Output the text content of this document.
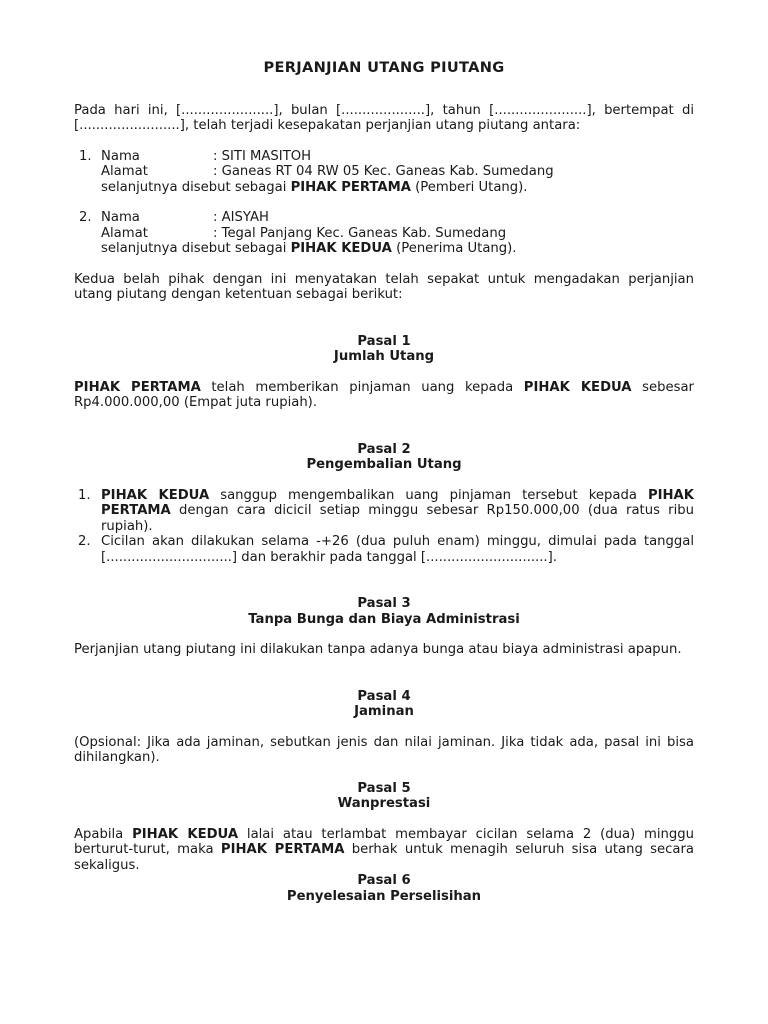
PERJANJIAN UTANG PIUTANG

Pada hari ini, [......................], bulan [....................], tahun [......................], bertempat di [........................], telah terjadi kesepakatan perjanjian utang piutang antara:

1. Nama	: SITI MASITOH
Alamat	: Ganeas RT 04 RW 05 Kec. Ganeas Kab. Sumedang
selanjutnya disebut sebagai PIHAK PERTAMA (Pemberi Utang).
2. Nama	: AISYAH
Alamat	: Tegal Panjang Kec. Ganeas Kab. Sumedang
selanjutnya disebut sebagai PIHAK KEDUA (Penerima Utang).

Kedua belah pihak dengan ini menyatakan telah sepakat untuk mengadakan perjanjian utang piutang dengan ketentuan sebagai berikut:

Pasal 1
Jumlah Utang

PIHAK PERTAMA telah memberikan pinjaman uang kepada PIHAK KEDUA sebesar Rp4.000.000,00 (Empat juta rupiah).

Pasal 2
Pengembalian Utang
1. PIHAK KEDUA sanggup mengembalikan uang pinjaman tersebut kepada PIHAK PERTAMA dengan cara dicicil setiap minggu sebesar Rp150.000,00 (dua ratus ribu rupiah).
2. Cicilan akan dilakukan selama -+26 (dua puluh enam) minggu, dimulai pada tanggal [..............................] dan berakhir pada tanggal [.............................].
Pasal 3
Tanpa Bunga dan Biaya Administrasi

Perjanjian utang piutang ini dilakukan tanpa adanya bunga atau biaya administrasi apapun.

Pasal 4
Jaminan

(Opsional: Jika ada jaminan, sebutkan jenis dan nilai jaminan. Jika tidak ada, pasal ini bisa dihilangkan).

Pasal 5
Wanprestasi

Apabila PIHAK KEDUA lalai atau terlambat membayar cicilan selama 2 (dua) minggu berturut-turut, maka PIHAK PERTAMA berhak untuk menagih seluruh sisa utang secara sekaligus.

Pasal 6
Penyelesaian Perselisihan
